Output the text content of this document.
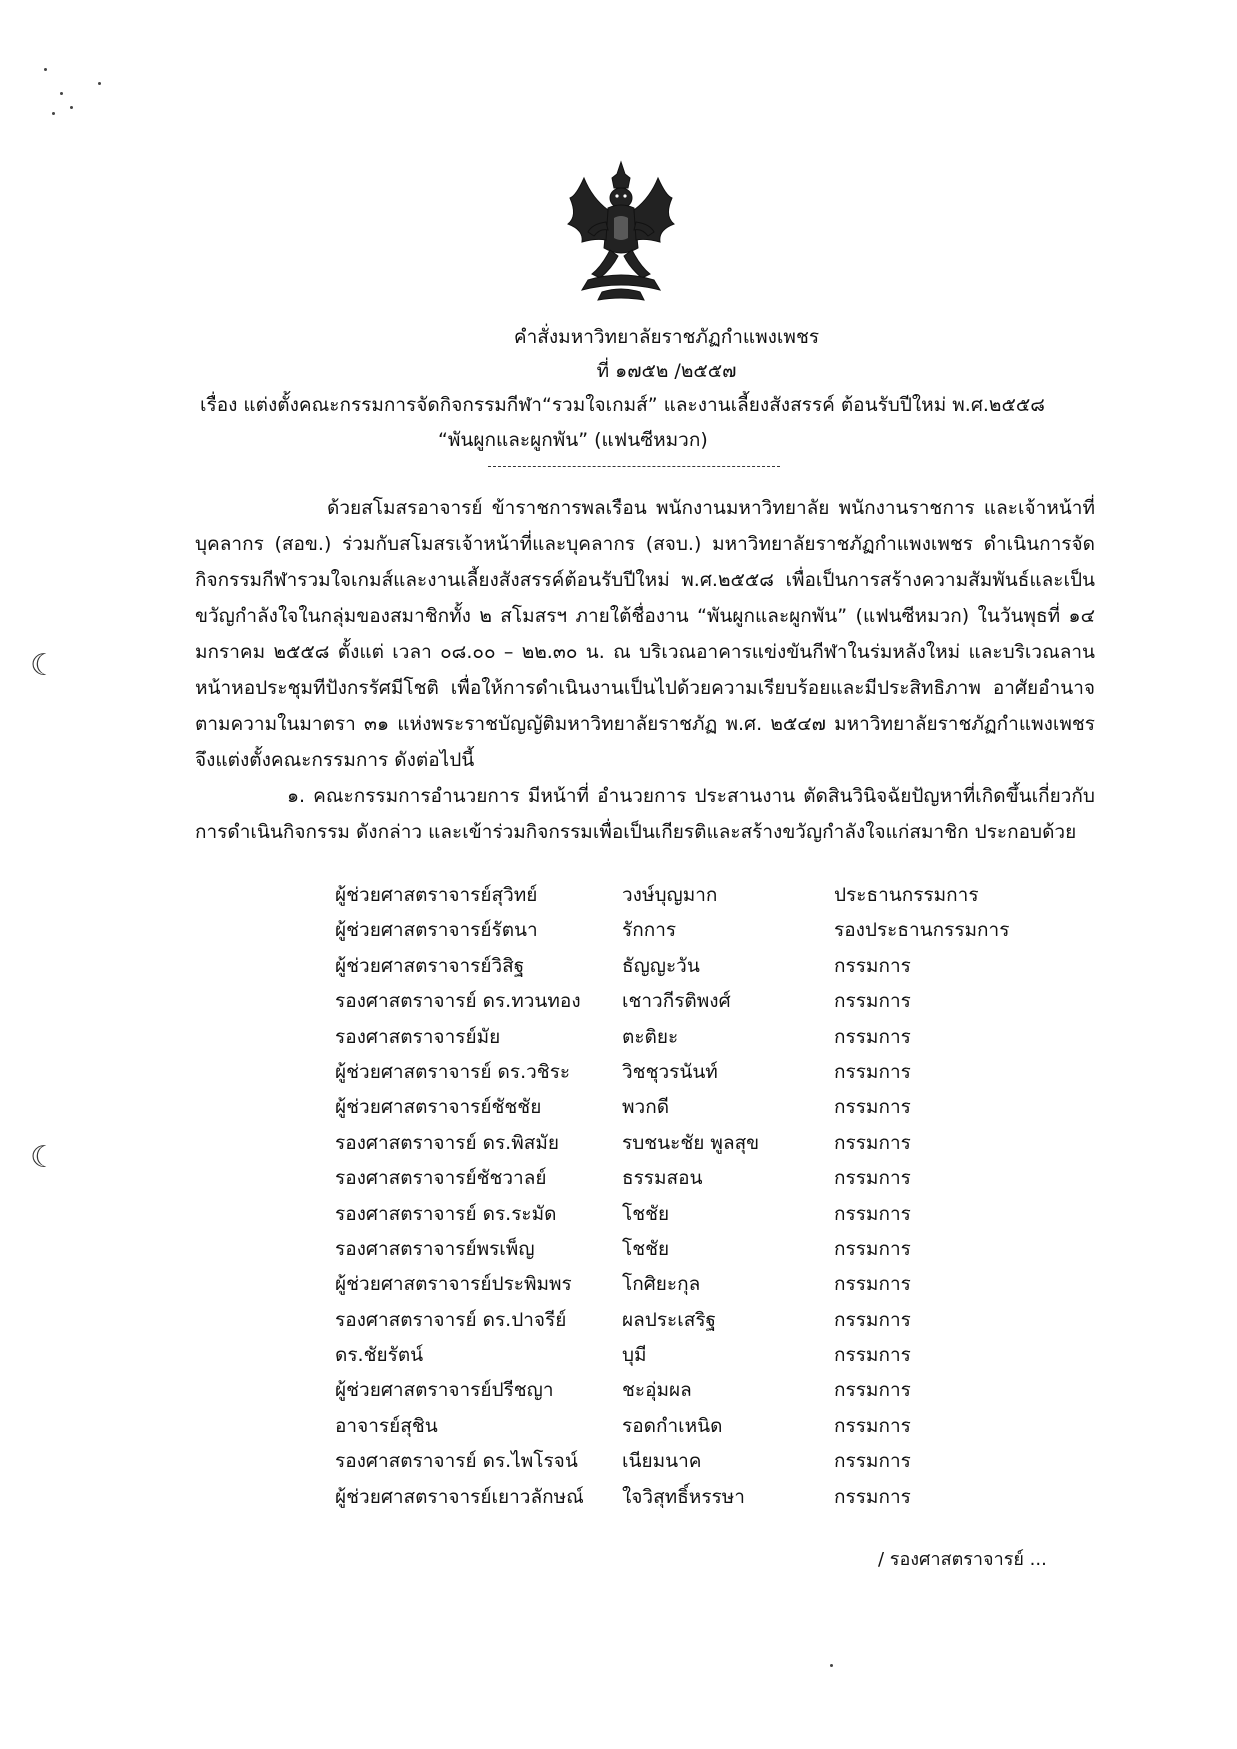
☾
☾
คำสั่งมหาวิทยาลัยราชภัฏกำแพงเพชร
ที่ ๑๗๕๒ /๒๕๕๗
เรื่อง แต่งตั้งคณะกรรมการจัดกิจกรรมกีฬา“รวมใจเกมส์” และงานเลี้ยงสังสรรค์ ต้อนรับปีใหม่ พ.ศ.๒๕๕๘
“พันผูกและผูกพัน” (แฟนซีหมวก)

ด้วยสโมสรอาจารย์ ข้าราชการพลเรือน พนักงานมหาวิทยาลัย พนักงานราชการ และเจ้าหน้าที่บุคลากร (สอข.) ร่วมกับสโมสรเจ้าหน้าที่และบุคลากร (สจบ.) มหาวิทยาลัยราชภัฏกำแพงเพชร ดำเนินการจัดกิจกรรมกีฬารวมใจเกมส์และงานเลี้ยงสังสรรค์ต้อนรับปีใหม่ พ.ศ.๒๕๕๘ เพื่อเป็นการสร้างความสัมพันธ์และเป็นขวัญกำลังใจในกลุ่มของสมาชิกทั้ง ๒ สโมสรฯ ภายใต้ชื่องาน “พันผูกและผูกพัน” (แฟนซีหมวก) ในวันพุธที่ ๑๔ มกราคม ๒๕๕๘ ตั้งแต่ เวลา ๐๘.๐๐ – ๒๒.๓๐ น. ณ บริเวณอาคารแข่งขันกีฬาในร่มหลังใหม่ และบริเวณลานหน้าหอประชุมทีปังกรรัศมีโชติ เพื่อให้การดำเนินงานเป็นไปด้วยความเรียบร้อยและมีประสิทธิภาพ อาศัยอำนาจตามความในมาตรา ๓๑ แห่งพระราชบัญญัติมหาวิทยาลัยราชภัฏ พ.ศ. ๒๕๔๗ มหาวิทยาลัยราชภัฏกำแพงเพชร จึงแต่งตั้งคณะกรรมการ ดังต่อไปนี้

๑. คณะกรรมการอำนวยการ มีหน้าที่ อำนวยการ ประสานงาน ตัดสินวินิจฉัยปัญหาที่เกิดขึ้นเกี่ยวกับการดำเนินกิจกรรม ดังกล่าว และเข้าร่วมกิจกรรมเพื่อเป็นเกียรติและสร้างขวัญกำลังใจแก่สมาชิก ประกอบด้วย

ผู้ช่วยศาสตราจารย์สุวิทย์	วงษ์บุญมาก	ประธานกรรมการ
ผู้ช่วยศาสตราจารย์รัตนา	รักการ	รองประธานกรรมการ
ผู้ช่วยศาสตราจารย์วิสิฐ	ธัญญะวัน	กรรมการ
รองศาสตราจารย์ ดร.ทวนทอง	เชาวกีรติพงศ์	กรรมการ
รองศาสตราจารย์มัย	ตะติยะ	กรรมการ
ผู้ช่วยศาสตราจารย์ ดร.วชิระ	วิชชุวรนันท์	กรรมการ
ผู้ช่วยศาสตราจารย์ชัชชัย	พวกดี	กรรมการ
รองศาสตราจารย์ ดร.พิสมัย	รบชนะชัย พูลสุข	กรรมการ
รองศาสตราจารย์ชัชวาลย์	ธรรมสอน	กรรมการ
รองศาสตราจารย์ ดร.ระมัด	โชชัย	กรรมการ
รองศาสตราจารย์พรเพ็ญ	โชชัย	กรรมการ
ผู้ช่วยศาสตราจารย์ประพิมพร	โกศิยะกุล	กรรมการ
รองศาสตราจารย์ ดร.ปาจรีย์	ผลประเสริฐ	กรรมการ
ดร.ชัยรัตน์	บุมี	กรรมการ
ผู้ช่วยศาสตราจารย์ปรีชญา	ชะอุ่มผล	กรรมการ
อาจารย์สุชิน	รอดกำเหนิด	กรรมการ
รองศาสตราจารย์ ดร.ไพโรจน์	เนียมนาค	กรรมการ
ผู้ช่วยศาสตราจารย์เยาวลักษณ์	ใจวิสุทธิ์หรรษา	กรรมการ
/ รองศาสตราจารย์ ...
